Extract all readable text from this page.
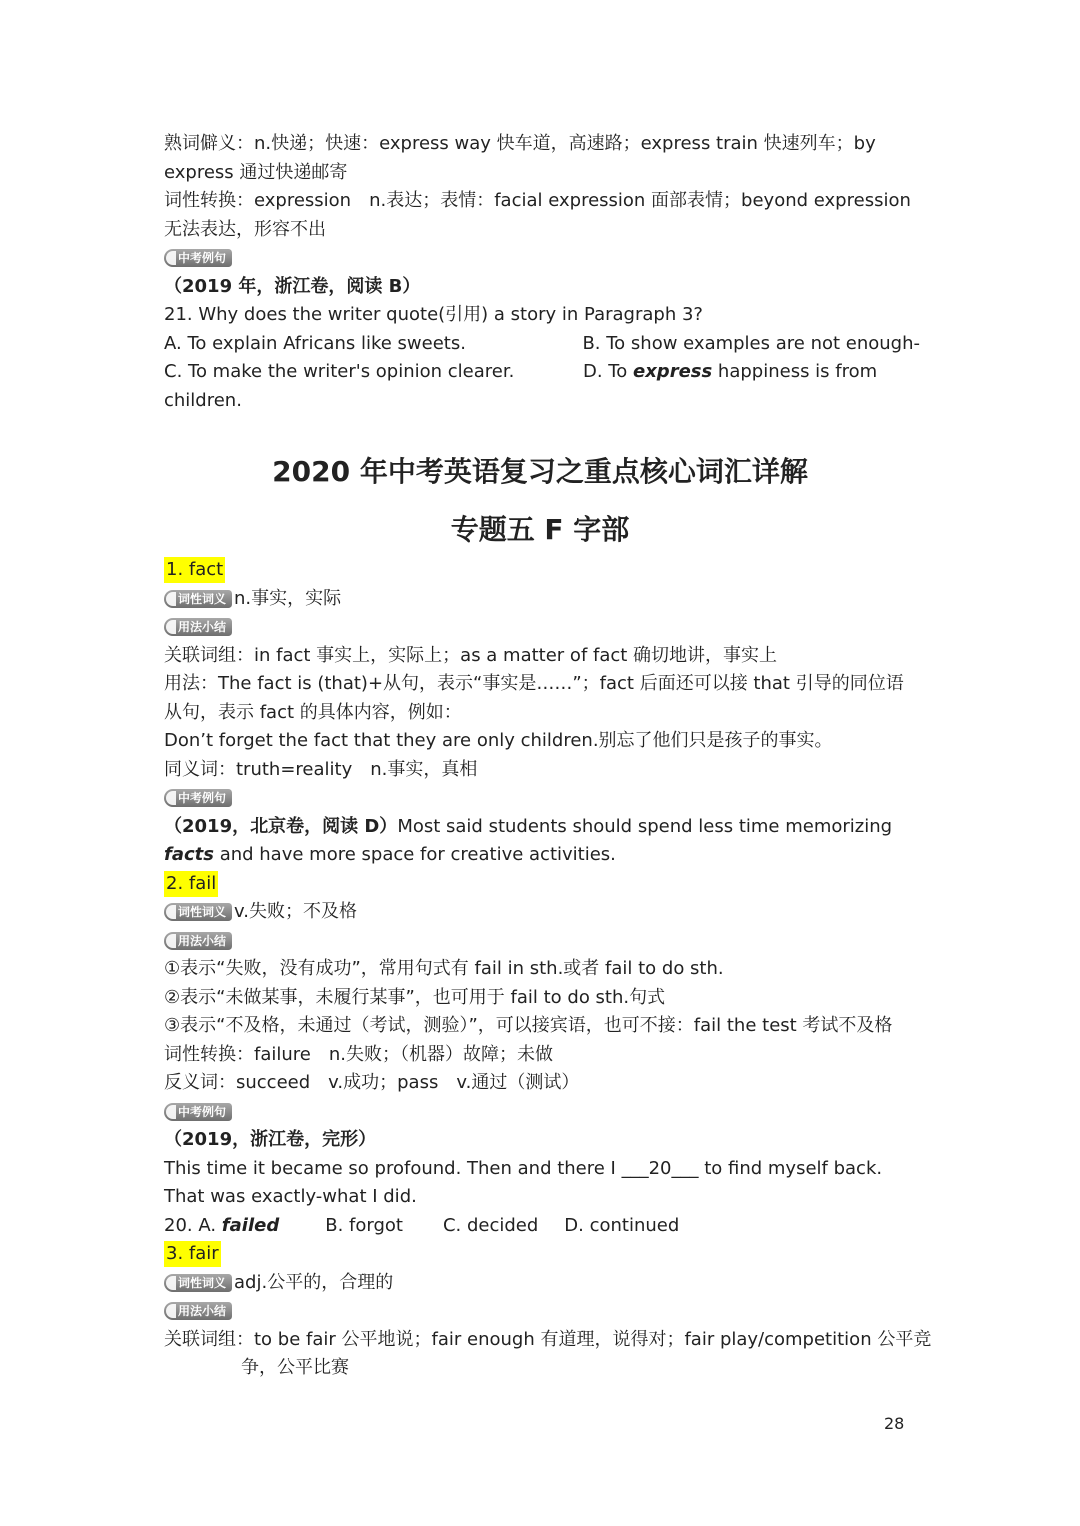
熟词僻义：n.快递；快速：express way 快车道，高速路；express train 快速列车；by express 通过快递邮寄

词性转换：expression　n.表达；表情：facial expression 面部表情；beyond expression 无法表达，形容不出

中考例句

（2019 年，浙江卷，阅读 B）

21. Why does the writer quote(引用) a story in Paragraph 3?

A. To explain Africans like sweets.	B. To show examples are not enough-
C. To make the writer's opinion clearer.	D. To express happiness is from

children.

2020 年中考英语复习之重点核心词汇详解
专题五 F 字部

1. fact

词性词义 n.事实，实际

用法小结

关联词组：in fact 事实上，实际上；as a matter of fact 确切地讲，事实上

用法：The fact is (that)+从句，表示“事实是……”；fact 后面还可以接 that 引导的同位语从句，表示 fact 的具体内容，例如：

Don’t forget the fact that they are only children.别忘了他们只是孩子的事实。

同义词：truth=reality　n.事实，真相

中考例句

（2019，北京卷，阅读 D）Most said students should spend less time memorizing facts and have more space for creative activities.

2. fail

词性词义 v.失败；不及格

用法小结

①表示“失败，没有成功”，常用句式有 fail in sth.或者 fail to do sth.

②表示“未做某事，未履行某事”，也可用于 fail to do sth.句式

③表示“不及格，未通过（考试，测验）”，可以接宾语，也可不接：fail the test 考试不及格

词性转换：failure　n.失败；（机器）故障；未做

反义词：succeed　v.成功；pass　v.通过（测试）

中考例句

（2019，浙江卷，完形）

This time it became so profound. Then and there I ___20___ to find myself back. That was exactly-what I did.

20. A. failed	B. forgot C. decided D. continued

3. fair

词性词义 adj.公平的，合理的

用法小结

关联词组：to be fair 公平地说；fair enough 有道理，说得对；fair play/competition 公平竞

争，公平比赛

28
